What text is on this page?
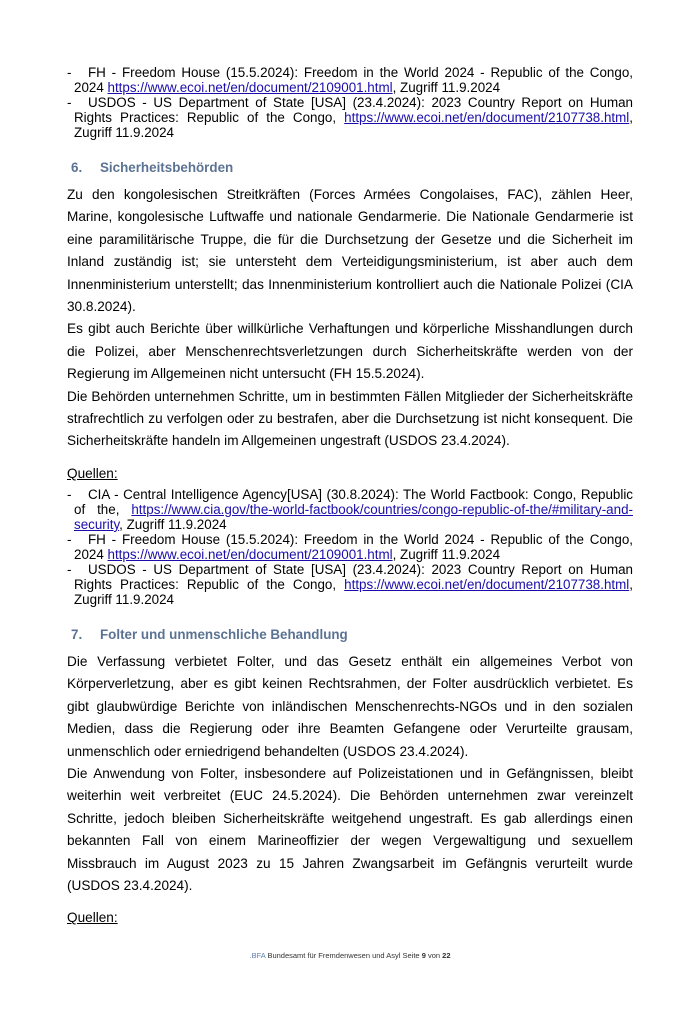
- FH - Freedom House (15.5.2024): Freedom in the World 2024 - Republic of the Congo, 2024 https://www.ecoi.net/en/document/2109001.html, Zugriff 11.9.2024
- USDOS - US Department of State [USA] (23.4.2024): 2023 Country Report on Human Rights Practices: Republic of the Congo, https://www.ecoi.net/en/document/2107738.html, Zugriff 11.9.2024
6. Sicherheitsbehörden

Zu den kongolesischen Streitkräften (Forces Armées Congolaises, FAC), zählen Heer, Marine, kongolesische Luftwaffe und nationale Gendarmerie. Die Nationale Gendarmerie ist eine paramilitärische Truppe, die für die Durchsetzung der Gesetze und die Sicherheit im Inland zuständig ist; sie untersteht dem Verteidigungsministerium, ist aber auch dem Innenministerium unterstellt; das Innenministerium kontrolliert auch die Nationale Polizei (CIA 30.8.2024).

Es gibt auch Berichte über willkürliche Verhaftungen und körperliche Misshandlungen durch die Polizei, aber Menschenrechtsverletzungen durch Sicherheitskräfte werden von der Regierung im Allgemeinen nicht untersucht (FH 15.5.2024).

Die Behörden unternehmen Schritte, um in bestimmten Fällen Mitglieder der Sicherheitskräfte strafrechtlich zu verfolgen oder zu bestrafen, aber die Durchsetzung ist nicht konsequent. Die Sicherheitskräfte handeln im Allgemeinen ungestraft (USDOS 23.4.2024).

Quellen:
- CIA - Central Intelligence Agency[USA] (30.8.2024): The World Factbook: Congo, Republic of the, https://www.cia.gov/the-world-factbook/countries/congo-republic-of-the/#military-and-security, Zugriff 11.9.2024
- FH - Freedom House (15.5.2024): Freedom in the World 2024 - Republic of the Congo, 2024 https://www.ecoi.net/en/document/2109001.html, Zugriff 11.9.2024
- USDOS - US Department of State [USA] (23.4.2024): 2023 Country Report on Human Rights Practices: Republic of the Congo, https://www.ecoi.net/en/document/2107738.html, Zugriff 11.9.2024
7. Folter und unmenschliche Behandlung

Die Verfassung verbietet Folter, und das Gesetz enthält ein allgemeines Verbot von Körperverletzung, aber es gibt keinen Rechtsrahmen, der Folter ausdrücklich verbietet. Es gibt glaubwürdige Berichte von inländischen Menschenrechts-NGOs und in den sozialen Medien, dass die Regierung oder ihre Beamten Gefangene oder Verurteilte grausam, unmenschlich oder erniedrigend behandelten (USDOS 23.4.2024).

Die Anwendung von Folter, insbesondere auf Polizeistationen und in Gefängnissen, bleibt weiterhin weit verbreitet (EUC 24.5.2024). Die Behörden unternehmen zwar vereinzelt Schritte, jedoch bleiben Sicherheitskräfte weitgehend ungestraft. Es gab allerdings einen bekannten Fall von einem Marineoffizier der wegen Vergewaltigung und sexuellem Missbrauch im August 2023 zu 15 Jahren Zwangsarbeit im Gefängnis verurteilt wurde (USDOS 23.4.2024).

Quellen:
.BFA Bundesamt für Fremdenwesen und Asyl Seite 9 von 22
